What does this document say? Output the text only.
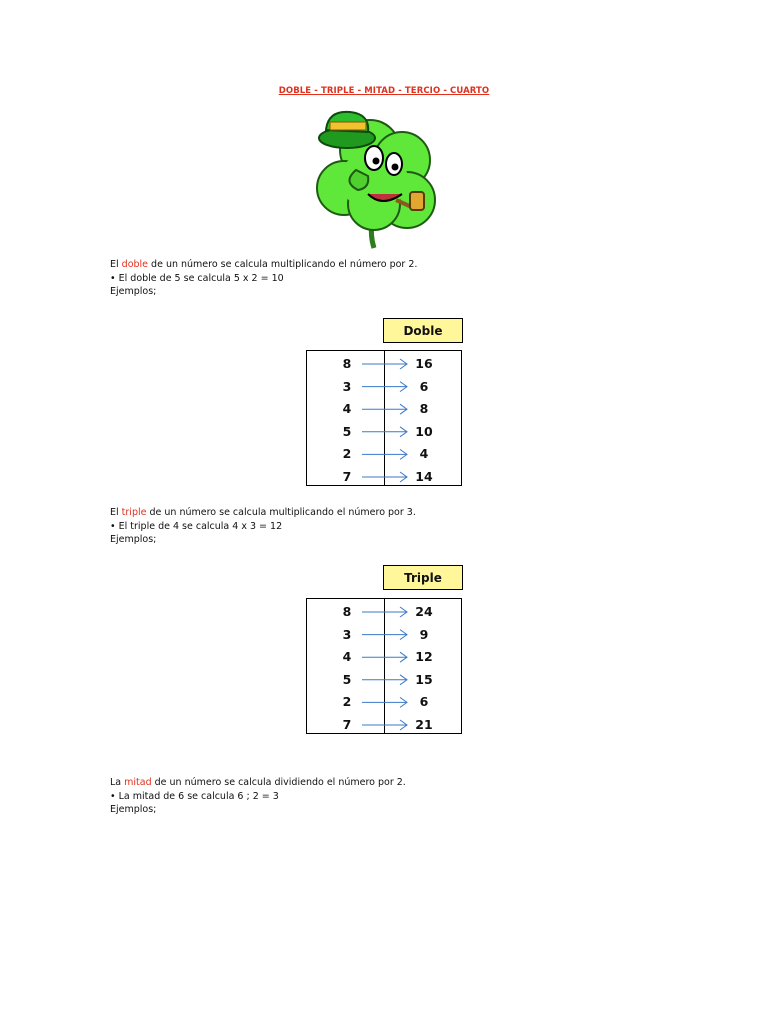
DOBLE - TRIPLE - MITAD - TERCIO - CUARTO

El doble de un número se calcula multiplicando el número por 2.

• El doble de 5 se calcula 5 x 2 = 10

Ejemplos;

Doble
8	16
3	6
4	8
5	10
2	4
7	14

El triple de un número se calcula multiplicando el número por 3.

• El triple de 4 se calcula 4 x 3 = 12

Ejemplos;

Triple
8	24
3	9
4	12
5	15
2	6
7	21

La mitad de un número se calcula dividiendo el número por 2.

• La mitad de 6 se calcula 6 ; 2 = 3

Ejemplos;
